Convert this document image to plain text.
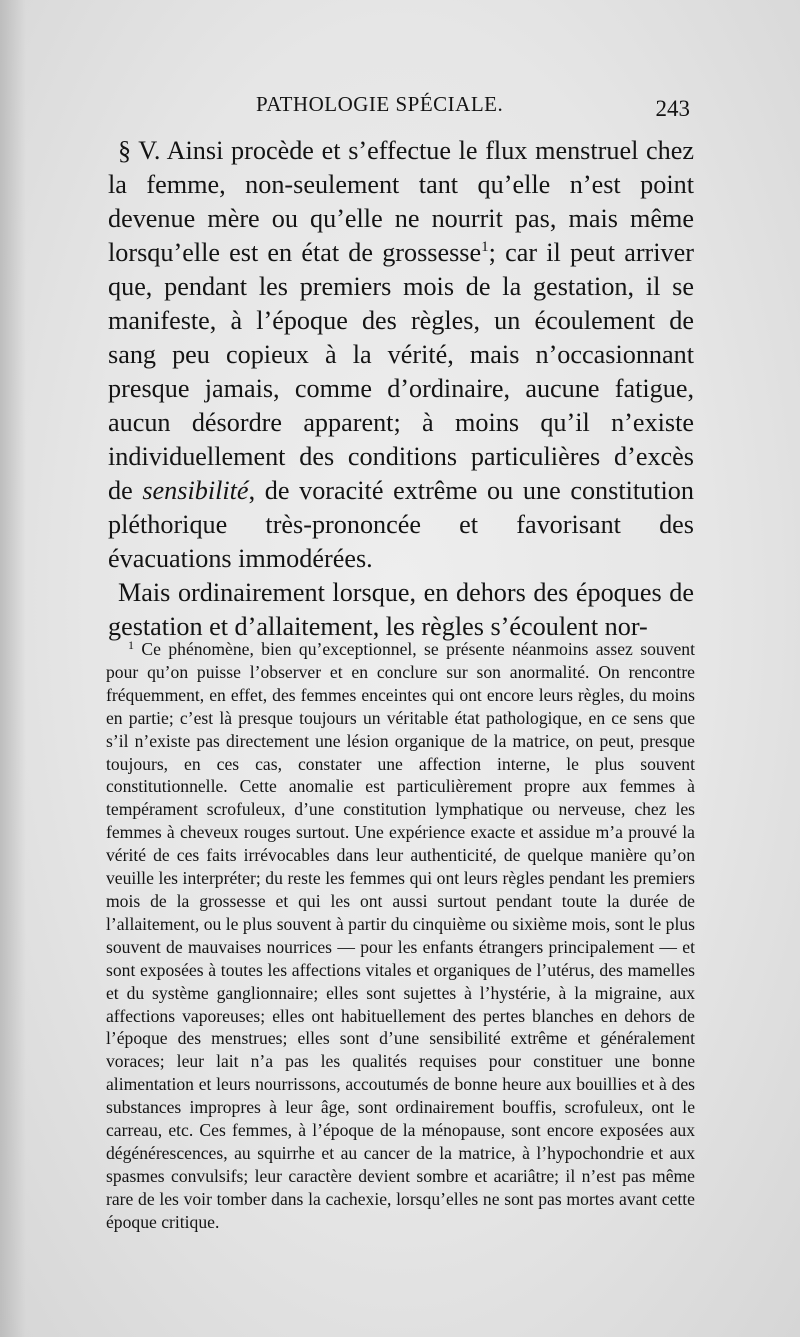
PATHOLOGIE SPÉCIALE.	243

§ V. Ainsi procède et s’effectue le flux menstruel chez la femme, non-seulement tant qu’elle n’est point devenue mère ou qu’elle ne nourrit pas, mais même lorsqu’elle est en état de grossesse$^1$; car il peut arriver que, pendant les premiers mois de la gestation, il se manifeste, à l’époque des règles, un écoulement de sang peu copieux à la vérité, mais n’occasionnant presque jamais, comme d’ordinaire, aucune fatigue, aucun désordre apparent; à moins qu’il n’existe individuellement des conditions particulières d’excès de sensibilité, de voracité extrême ou une constitution pléthorique très-prononcée et favorisant des évacuations immodérées.

Mais ordinairement lorsque, en dehors des époques de gestation et d’allaitement, les règles s’écoulent nor-

$^1$ Ce phénomène, bien qu’exceptionnel, se présente néanmoins assez souvent pour qu’on puisse l’observer et en conclure sur son anormalité. On rencontre fréquemment, en effet, des femmes enceintes qui ont encore leurs règles, du moins en partie; c’est là presque toujours un véritable état pathologique, en ce sens que s’il n’existe pas directement une lésion organique de la matrice, on peut, presque toujours, en ces cas, constater une affection interne, le plus souvent constitutionnelle. Cette anomalie est particulièrement propre aux femmes à tempérament scrofuleux, d’une constitution lymphatique ou nerveuse, chez les femmes à cheveux rouges surtout. Une expérience exacte et assidue m’a prouvé la vérité de ces faits irrévocables dans leur authenticité, de quelque manière qu’on veuille les interpréter; du reste les femmes qui ont leurs règles pendant les premiers mois de la grossesse et qui les ont aussi surtout pendant toute la durée de l’allaitement, ou le plus souvent à partir du cinquième ou sixième mois, sont le plus souvent de mauvaises nourrices — pour les enfants étrangers principalement — et sont exposées à toutes les affections vitales et organiques de l’utérus, des mamelles et du système ganglionnaire; elles sont sujettes à l’hystérie, à la migraine, aux affections vaporeuses; elles ont habituellement des pertes blanches en dehors de l’époque des menstrues; elles sont d’une sensibilité extrême et généralement voraces; leur lait n’a pas les qualités requises pour constituer une bonne alimentation et leurs nourrissons, accoutumés de bonne heure aux bouillies et à des substances impropres à leur âge, sont ordinairement bouffis, scrofuleux, ont le carreau, etc. Ces femmes, à l’époque de la ménopause, sont encore exposées aux dégénérescences, au squirrhe et au cancer de la matrice, à l’hypochondrie et aux spasmes convulsifs; leur caractère devient sombre et acariâtre; il n’est pas même rare de les voir tomber dans la cachexie, lorsqu’elles ne sont pas mortes avant cette époque critique.
